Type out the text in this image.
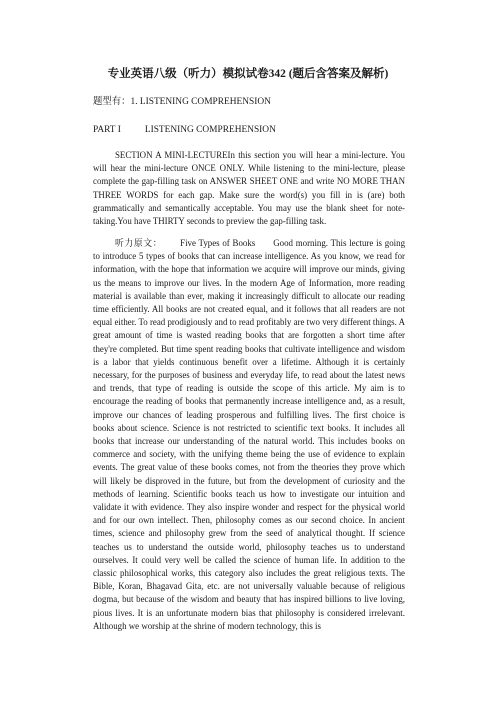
专业英语八级（听力）模拟试卷342 (题后含答案及解析)
题型有：1. LISTENING COMPREHENSION
PART I	LISTENING COMPREHENSION

SECTION A MINI-LECTUREIn this section you will hear a mini-lecture. You will hear the mini-lecture ONCE ONLY. While listening to the mini-lecture, please complete the gap-filling task on ANSWER SHEET ONE and write NO MORE THAN THREE WORDS for each gap. Make sure the word(s) you fill in is (are) both grammatically and semantically acceptable. You may use the blank sheet for note-taking.You have THIRTY seconds to preview the gap-filling task.

听力原文： Five Types of Books Good morning. This lecture is going to introduce 5 types of books that can increase intelligence. As you know, we read for information, with the hope that information we acquire will improve our minds, giving us the means to improve our lives. In the modern Age of Information, more reading material is available than ever, making it increasingly difficult to allocate our reading time efficiently. All books are not created equal, and it follows that all readers are not equal either. To read prodigiously and to read profitably are two very different things. A great amount of time is wasted reading books that are forgotten a short time after they're completed. But time spent reading books that cultivate intelligence and wisdom is a labor that yields continuous benefit over a lifetime. Although it is certainly necessary, for the purposes of business and everyday life, to read about the latest news and trends, that type of reading is outside the scope of this article. My aim is to encourage the reading of books that permanently increase intelligence and, as a result, improve our chances of leading prosperous and fulfilling lives. The first choice is books about science. Science is not restricted to scientific text books. It includes all books that increase our understanding of the natural world. This includes books on commerce and society, with the unifying theme being the use of evidence to explain events. The great value of these books comes, not from the theories they prove which will likely be disproved in the future, but from the development of curiosity and the methods of learning. Scientific books teach us how to investigate our intuition and validate it with evidence. They also inspire wonder and respect for the physical world and for our own intellect. Then, philosophy comes as our second choice. In ancient times, science and philosophy grew from the seed of analytical thought. If science teaches us to understand the outside world, philosophy teaches us to understand ourselves. It could very well be called the science of human life. In addition to the classic philosophical works, this category also includes the great religious texts. The Bible, Koran, Bhagavad Gita, etc. are not universally valuable because of religious dogma, but because of the wisdom and beauty that has inspired billions to live loving, pious lives. It is an unfortunate modern bias that philosophy is considered irrelevant. Although we worship at the shrine of modern technology, this is
